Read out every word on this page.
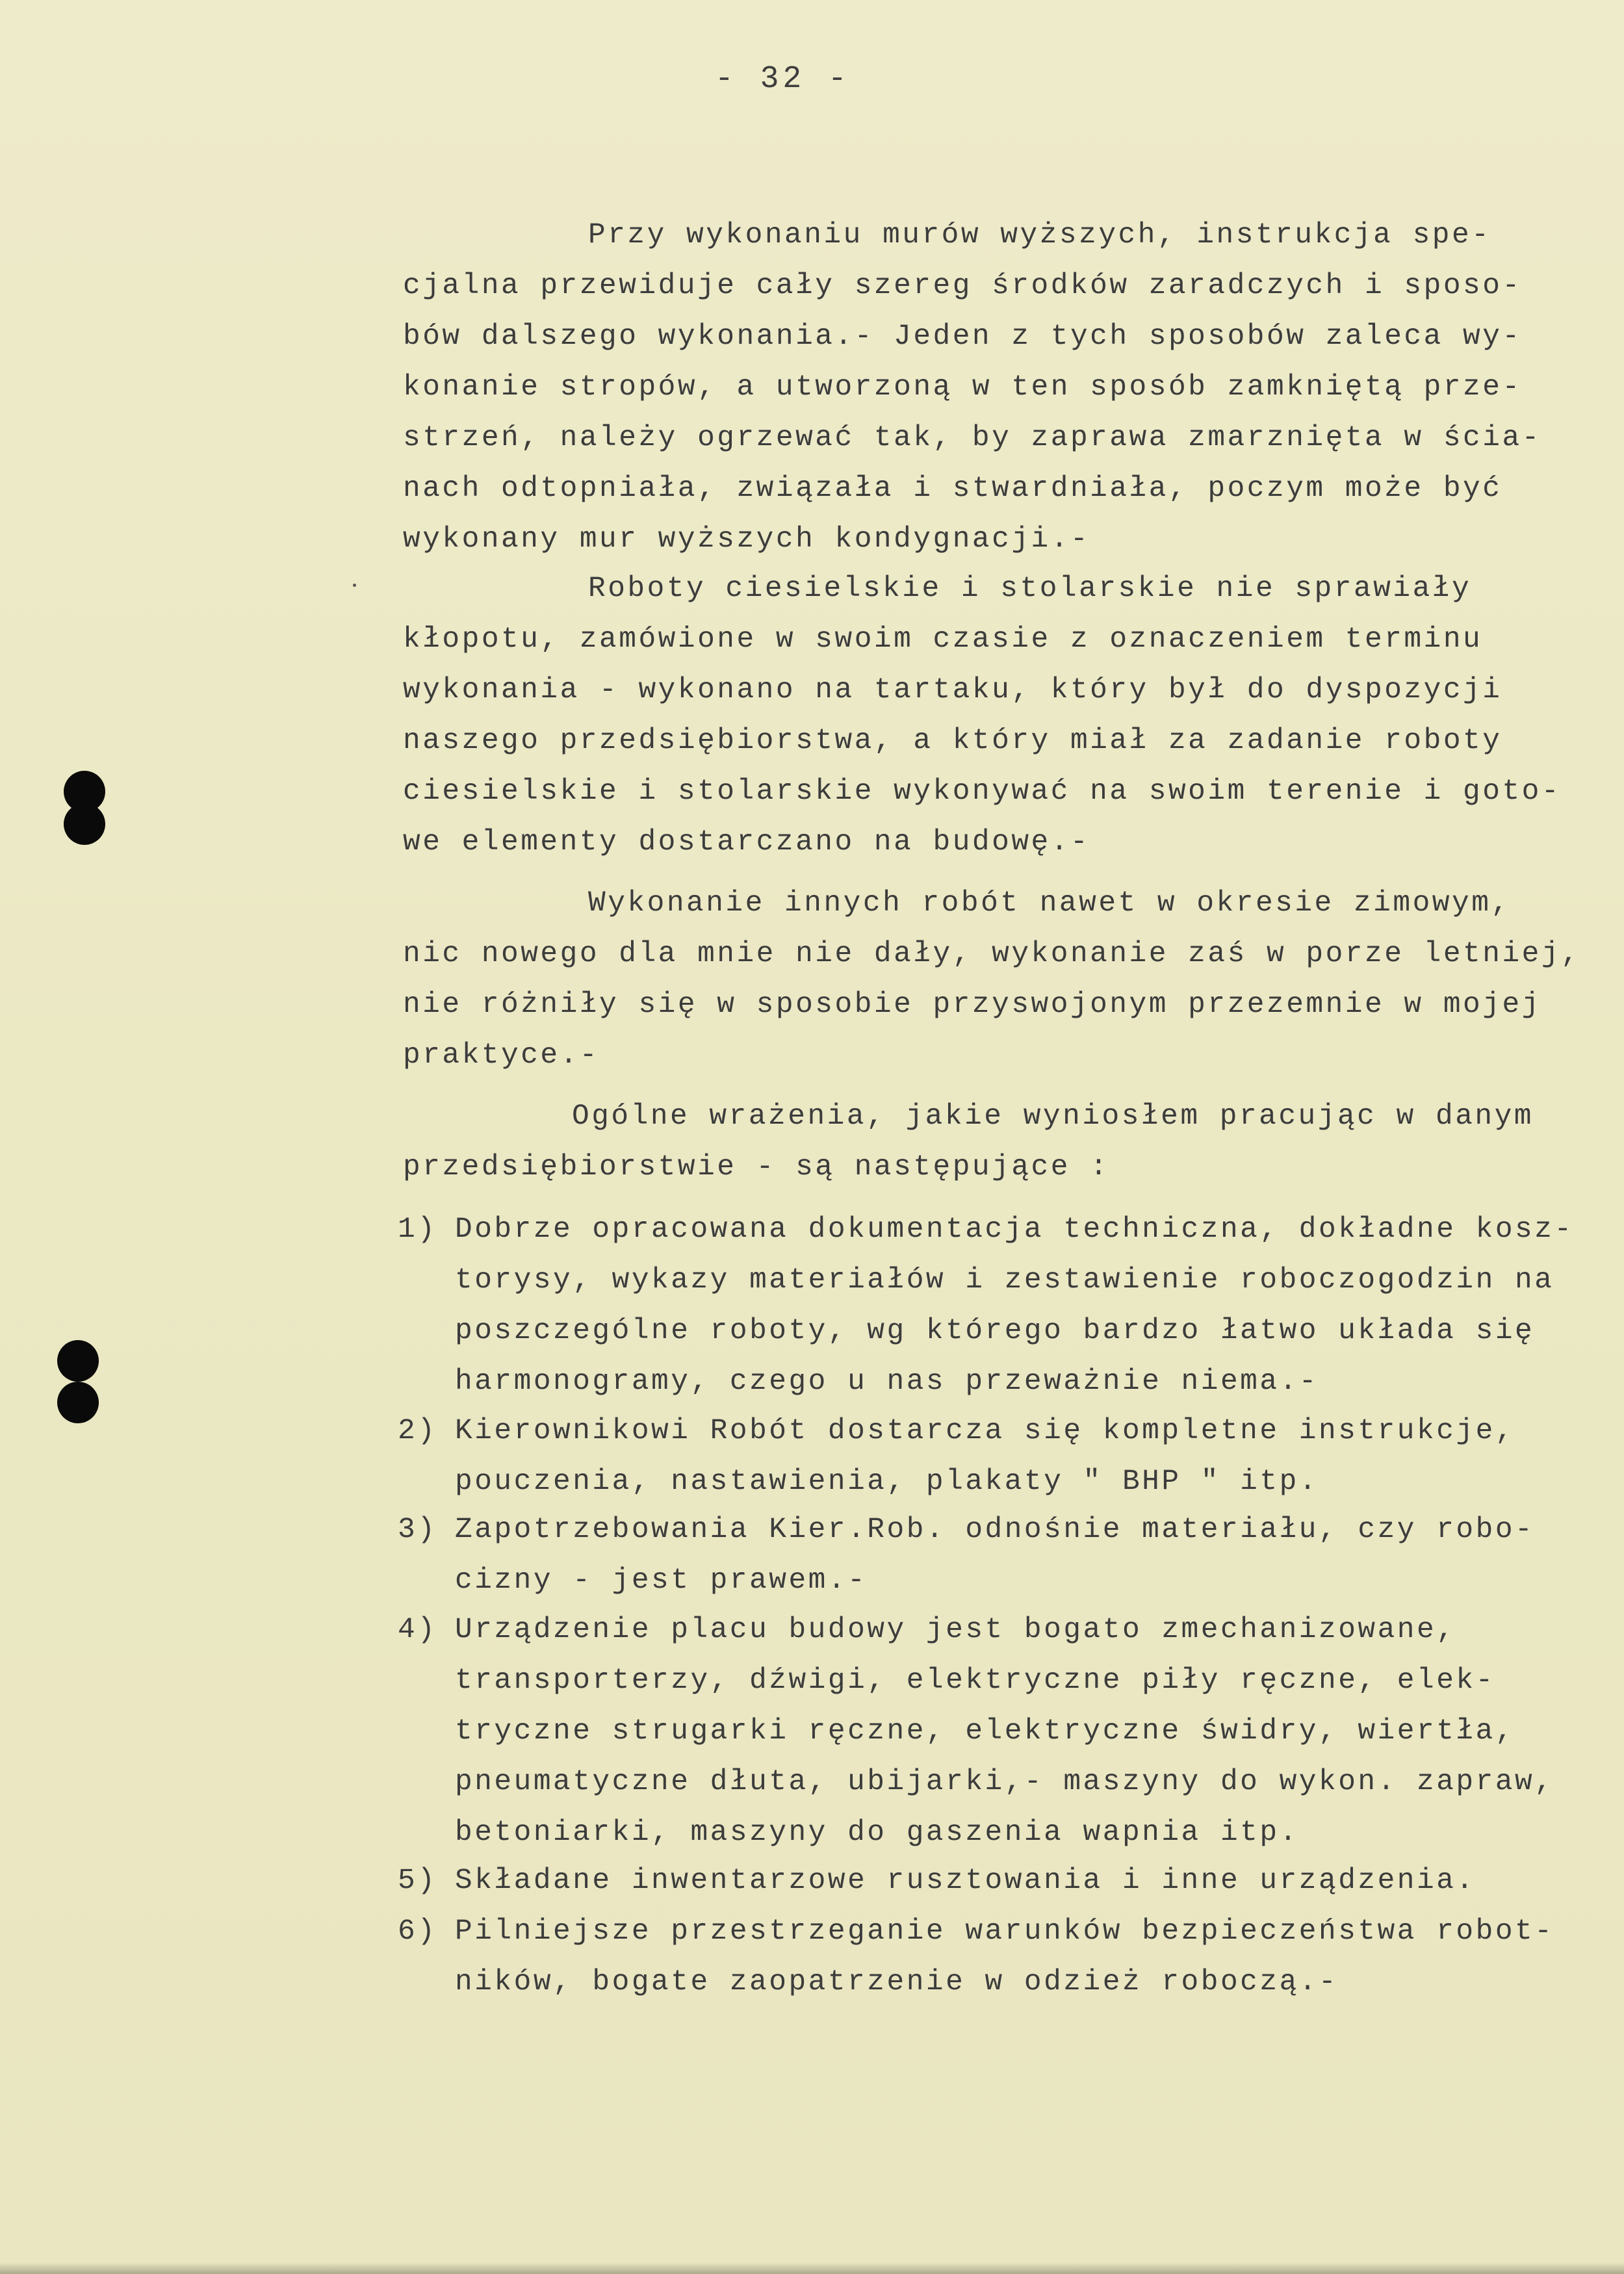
- 32 -
Przy wykonaniu murów wyższych, instrukcja spe-
cjalna przewiduje cały szereg środków zaradczych i sposo-
bów dalszego wykonania.- Jeden z tych sposobów zaleca wy-
konanie stropów, a utworzoną w ten sposób zamkniętą prze-
strzeń, należy ogrzewać tak, by zaprawa zmarznięta w ścia-
nach odtopniała, związała i stwardniała, poczym może być
wykonany mur wyższych kondygnacji.-
Roboty ciesielskie i stolarskie nie sprawiały
kłopotu, zamówione w swoim czasie z oznaczeniem terminu
wykonania - wykonano na tartaku, który był do dyspozycji
naszego przedsiębiorstwa, a który miał za zadanie roboty
ciesielskie i stolarskie wykonywać na swoim terenie i goto-
we elementy dostarczano na budowę.-
Wykonanie innych robót nawet w okresie zimowym,
nic nowego dla mnie nie dały, wykonanie zaś w porze letniej,
nie różniły się w sposobie przyswojonym przezemnie w mojej
praktyce.-
Ogólne wrażenia, jakie wyniosłem pracując w danym
przedsiębiorstwie - są następujące :
1) Dobrze opracowana dokumentacja techniczna, dokładne kosz-
torysy, wykazy materiałów i zestawienie roboczogodzin na
poszczególne roboty, wg którego bardzo łatwo układa się
harmonogramy, czego u nas przeważnie niema.-
2) Kierownikowi Robót dostarcza się kompletne instrukcje,
pouczenia, nastawienia, plakaty " BHP " itp.
3) Zapotrzebowania Kier.Rob. odnośnie materiału, czy robo-
cizny - jest prawem.-
4) Urządzenie placu budowy jest bogato zmechanizowane,
transporterzy, dźwigi, elektryczne piły ręczne, elek-
tryczne strugarki ręczne, elektryczne świdry, wiertła,
pneumatyczne dłuta, ubijarki,- maszyny do wykon. zapraw,
betoniarki, maszyny do gaszenia wapnia itp.
5) Składane inwentarzowe rusztowania i inne urządzenia.
6) Pilniejsze przestrzeganie warunków bezpieczeństwa robot-
ników, bogate zaopatrzenie w odzież roboczą.-
